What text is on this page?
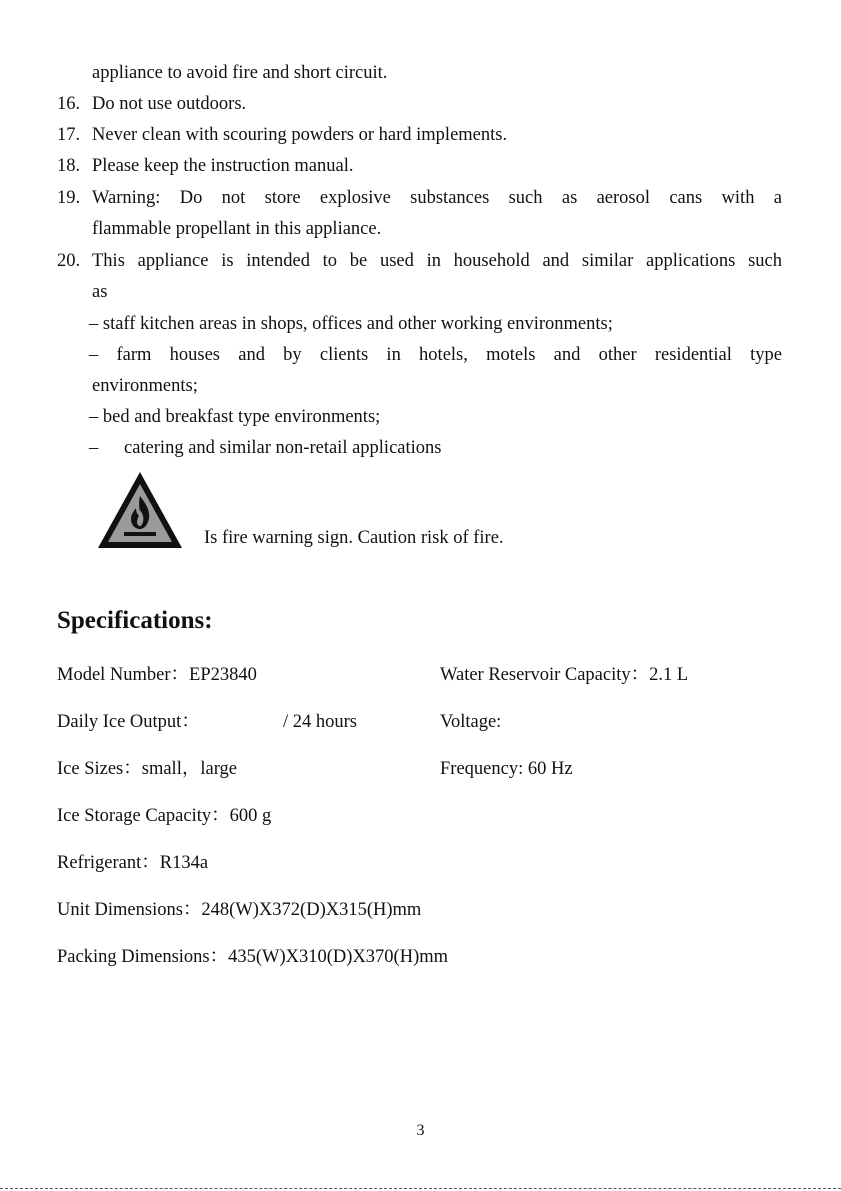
appliance to avoid fire and short circuit.
16. Do not use outdoors.
17. Never clean with scouring powders or hard implements.
18. Please keep the instruction manual.
19. Warning: Do not store explosive substances such as aerosol cans with a
flammable propellant in this appliance.
20. This appliance is intended to be used in household and similar applications such
as
– staff kitchen areas in shops, offices and other working environments;
– farm houses and by clients in hotels, motels and other residential type
environments;
– bed and breakfast type environments;
– catering and similar non-retail applications
Is fire warning sign. Caution risk of fire.
Specifications:
Model Number：EP23840	Water Reservoir Capacity：2.1 L
Daily Ice Output：	/ 24 hours	Voltage:
Ice Sizes：small，large	Frequency: 60 Hz
Ice Storage Capacity：600 g
Refrigerant：R134a
Unit Dimensions：248(W)X372(D)X315(H)mm
Packing Dimensions：435(W)X310(D)X370(H)mm
3
